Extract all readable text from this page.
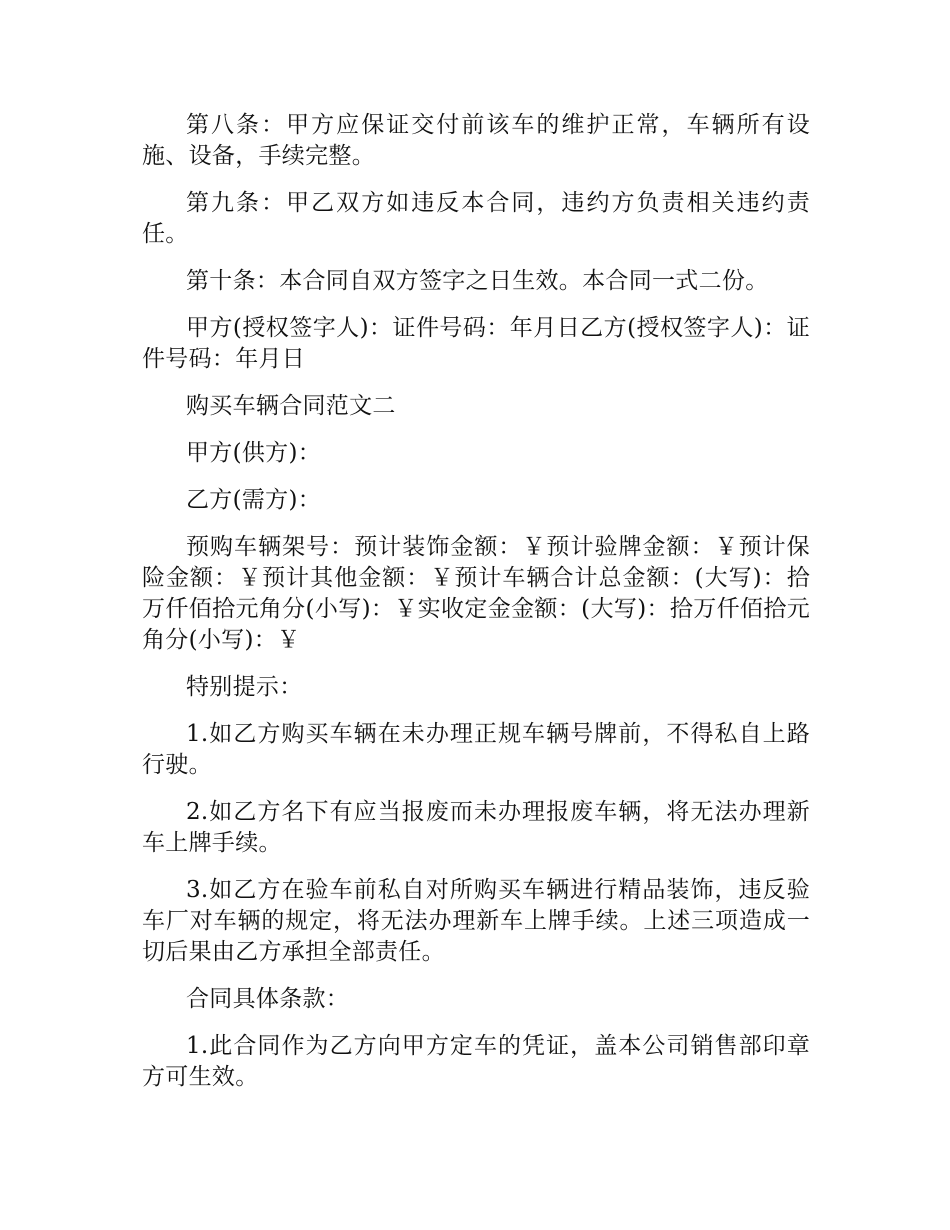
第八条：甲方应保证交付前该车的维护正常，车辆所有设施、设备，手续完整。

第九条：甲乙双方如违反本合同，违约方负责相关违约责任。

第十条：本合同自双方签字之日生效。本合同一式二份。

甲方(授权签字人)：证件号码：年月日乙方(授权签字人)：证件号码：年月日

购买车辆合同范文二

甲方(供方)：

乙方(需方)：

预购车辆架号：预计装饰金额：￥预计验牌金额：￥预计保险金额：￥预计其他金额：￥预计车辆合计总金额：(大写)：拾万仟佰拾元角分(小写)：￥实收定金金额：(大写)：拾万仟佰拾元角分(小写)：￥

特别提示：

1.如乙方购买车辆在未办理正规车辆号牌前，不得私自上路行驶。

2.如乙方名下有应当报废而未办理报废车辆，将无法办理新车上牌手续。

3.如乙方在验车前私自对所购买车辆进行精品装饰，违反验车厂对车辆的规定，将无法办理新车上牌手续。上述三项造成一切后果由乙方承担全部责任。

合同具体条款：

1.此合同作为乙方向甲方定车的凭证，盖本公司销售部印章方可生效。
